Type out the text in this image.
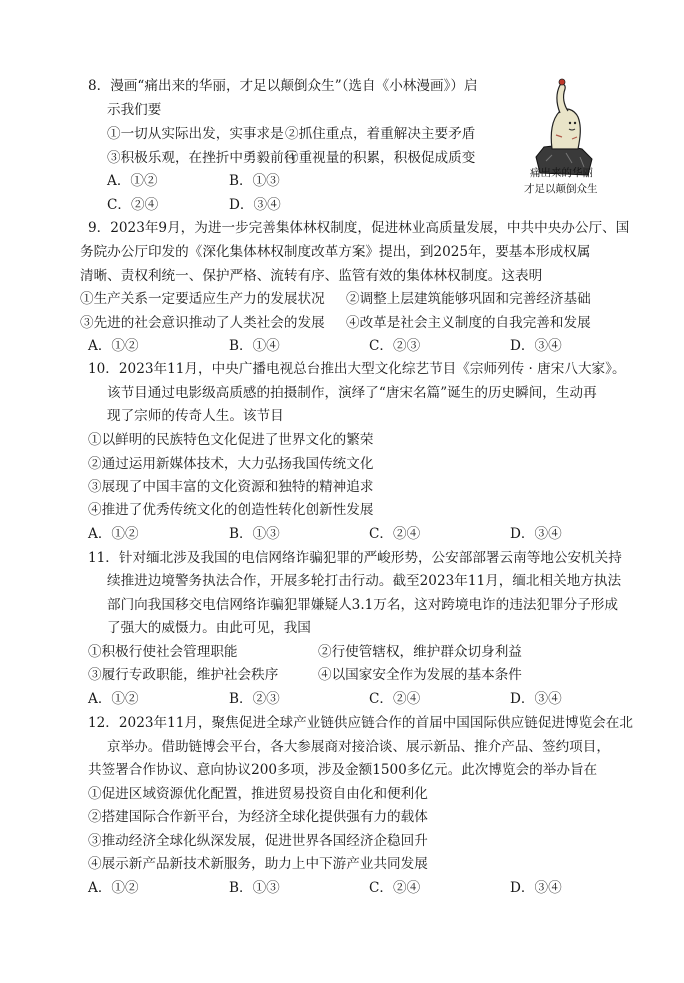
8．漫画“痛出来的华丽，才足以颠倒众生”（选自《小林漫画》）启
示我们要
①一切从实际出发，实事求是 ②抓住重点，着重解决主要矛盾
③积极乐观，在挫折中勇毅前行
④重视量的积累，积极促成质变
A．①②	B．①③
C．②④	D．③④
痛出来的华丽
才足以颠倒众生
9．2023年9月，为进一步完善集体林权制度，促进林业高质量发展，中共中央办公厅、国
务院办公厅印发的《深化集体林权制度改革方案》提出，到2025年，要基本形成权属
清晰、责权利统一、保护严格、流转有序、监管有效的集体林权制度。这表明
①生产关系一定要适应生产力的发展状况 ②调整上层建筑能够巩固和完善经济基础
③先进的社会意识推动了人类社会的发展 ④改革是社会主义制度的自我完善和发展
A．①②	B．①④	C．②③	D．③④
10．2023年11月，中央广播电视总台推出大型文化综艺节目《宗师列传 · 唐宋八大家》。
该节目通过电影级高质感的拍摄制作，演绎了“唐宋名篇”诞生的历史瞬间，生动再
现了宗师的传奇人生。该节目
①以鲜明的民族特色文化促进了世界文化的繁荣
②通过运用新媒体技术，大力弘扬我国传统文化
③展现了中国丰富的文化资源和独特的精神追求
④推进了优秀传统文化的创造性转化创新性发展
A．①②	B．①③	C．②④	D．③④
11．针对缅北涉及我国的电信网络诈骗犯罪的严峻形势，公安部部署云南等地公安机关持
续推进边境警务执法合作，开展多轮打击行动。截至2023年11月，缅北相关地方执法
部门向我国移交电信网络诈骗犯罪嫌疑人3.1万名，这对跨境电诈的违法犯罪分子形成
了强大的威慑力。由此可见，我国
①积极行使社会管理职能	②行使管辖权，维护群众切身利益
③履行专政职能，维护社会秩序	④以国家安全作为发展的基本条件
A．①②	B．②③	C．②④	D．③④
12．2023年11月，聚焦促进全球产业链供应链合作的首届中国国际供应链促进博览会在北
京举办。借助链博会平台，各大参展商对接洽谈、展示新品、推介产品、签约项目，
共签署合作协议、意向协议200多项，涉及金额1500多亿元。此次博览会的举办旨在
①促进区域资源优化配置，推进贸易投资自由化和便利化
②搭建国际合作新平台，为经济全球化提供强有力的载体
③推动经济全球化纵深发展，促进世界各国经济企稳回升
④展示新产品新技术新服务，助力上中下游产业共同发展
A．①②	B．①③	C．②④	D．③④
